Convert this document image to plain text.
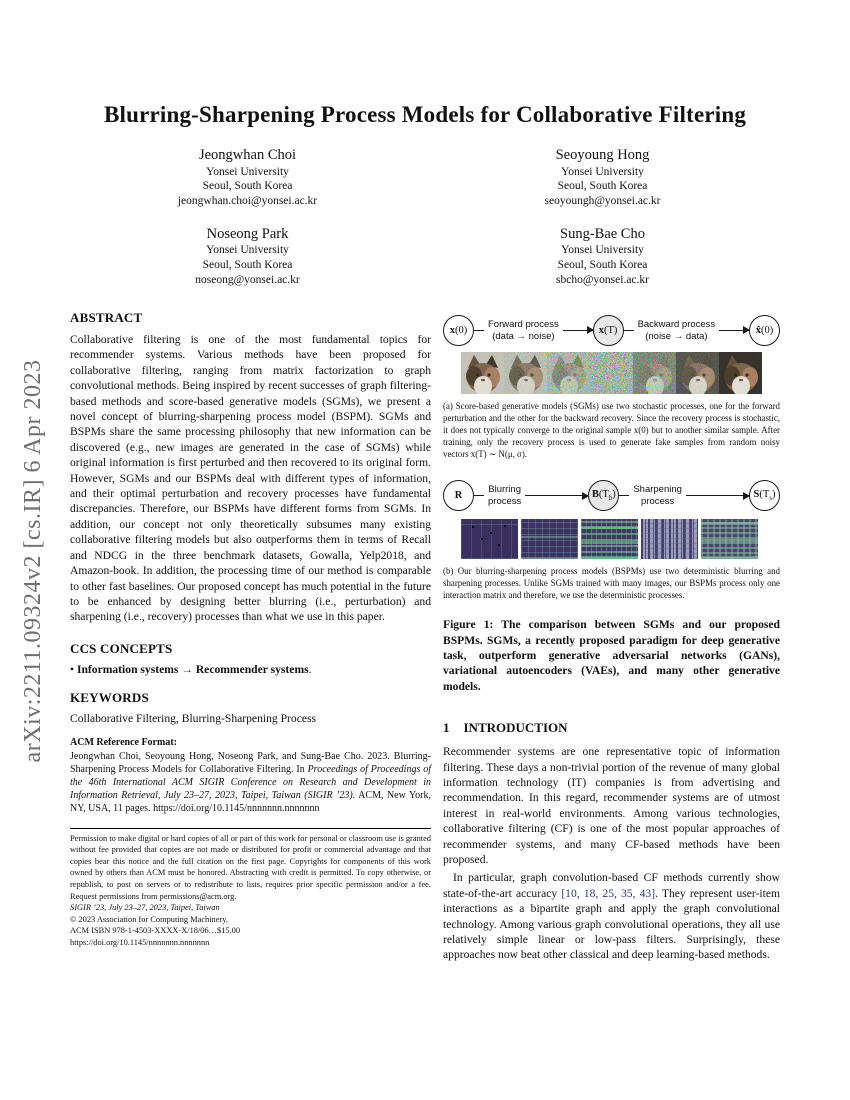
arXiv:2211.09324v2 [cs.IR] 6 Apr 2023
Blurring-Sharpening Process Models for Collaborative Filtering
Jeongwhan Choi
Yonsei University
Seoul, South Korea
jeongwhan.choi@yonsei.ac.kr
Seoyoung Hong
Yonsei University
Seoul, South Korea
seoyoungh@yonsei.ac.kr
Noseong Park
Yonsei University
Seoul, South Korea
noseong@yonsei.ac.kr
Sung-Bae Cho
Yonsei University
Seoul, South Korea
sbcho@yonsei.ac.kr
ABSTRACT

Collaborative filtering is one of the most fundamental topics for recommender systems. Various methods have been proposed for collaborative filtering, ranging from matrix factorization to graph convolutional methods. Being inspired by recent successes of graph filtering-based methods and score-based generative models (SGMs), we present a novel concept of blurring-sharpening process model (BSPM). SGMs and BSPMs share the same processing philosophy that new information can be discovered (e.g., new images are generated in the case of SGMs) while original information is first perturbed and then recovered to its original form. However, SGMs and our BSPMs deal with different types of information, and their optimal perturbation and recovery processes have fundamental discrepancies. Therefore, our BSPMs have different forms from SGMs. In addition, our concept not only theoretically subsumes many existing collaborative filtering models but also outperforms them in terms of Recall and NDCG in the three benchmark datasets, Gowalla, Yelp2018, and Amazon-book. In addition, the processing time of our method is comparable to other fast baselines. Our proposed concept has much potential in the future to be enhanced by designing better blurring (i.e., perturbation) and sharpening (i.e., recovery) processes than what we use in this paper.

CCS CONCEPTS

• Information systems → Recommender systems.

KEYWORDS

Collaborative Filtering, Blurring-Sharpening Process

ACM Reference Format:

Jeongwhan Choi, Seoyoung Hong, Noseong Park, and Sung-Bae Cho. 2023. Blurring-Sharpening Process Models for Collaborative Filtering. In Proceedings of Proceedings of the 46th International ACM SIGIR Conference on Research and Development in Information Retrieval, July 23–27, 2023, Taipei, Taiwan (SIGIR ’23). ACM, New York, NY, USA, 11 pages. https://doi.org/10.1145/nnnnnnn.nnnnnnn

Permission to make digital or hard copies of all or part of this work for personal or classroom use is granted without fee provided that copies are not made or distributed for profit or commercial advantage and that copies bear this notice and the full citation on the first page. Copyrights for components of this work owned by others than ACM must be honored. Abstracting with credit is permitted. To copy otherwise, or republish, to post on servers or to redistribute to lists, requires prior specific permission and/or a fee. Request permissions from permissions@acm.org.

SIGIR ’23, July 23–27, 2023, Taipei, Taiwan

© 2023 Association for Computing Machinery.

ACM ISBN 978-1-4503-XXXX-X/18/06…$15.00

https://doi.org/10.1145/nnnnnnn.nnnnnnn

x(0)
Forward process
(data → noise)	x(T)
Backward process
(noise → data)	x̂(0)
(a) Score-based generative models (SGMs) use two stochastic processes, one for the forward perturbation and the other for the backward recovery. Since the recovery process is stochastic, it does not typically converge to the original sample x(0) but to another similar sample. After training, only the recovery process is used to generate fake samples from random noisy vectors x(T) ∼ N(μ, σ).
R
Blurring
process
$B(T_b)$ Sharpening
process
$S(T_s)$
(b) Our blurring-sharpening process models (BSPMs) use two deterministic blurring and sharpening processes. Unlike SGMs trained with many images, our BSPMs process only one interaction matrix and therefore, we use the deterministic processes.
Figure 1: The comparison between SGMs and our proposed BSPMs. SGMs, a recently proposed paradigm for deep generative task, outperform generative adversarial networks (GANs), variational autoencoders (VAEs), and many other generative models.
1 INTRODUCTION

Recommender systems are one representative topic of information filtering. These days a non-trivial portion of the revenue of many global information technology (IT) companies is from advertising and recommendation. In this regard, recommender systems are of utmost interest in real-world environments. Among various technologies, collaborative filtering (CF) is one of the most popular approaches of recommender systems, and many CF-based methods have been proposed.

In particular, graph convolution-based CF methods currently show state-of-the-art accuracy [10, 18, 25, 35, 43]. They represent user-item interactions as a bipartite graph and apply the graph convolutional technology. Among various graph convolutional operations, they all use relatively simple linear or low-pass filters. Surprisingly, these approaches now beat other classical and deep learning-based methods.
